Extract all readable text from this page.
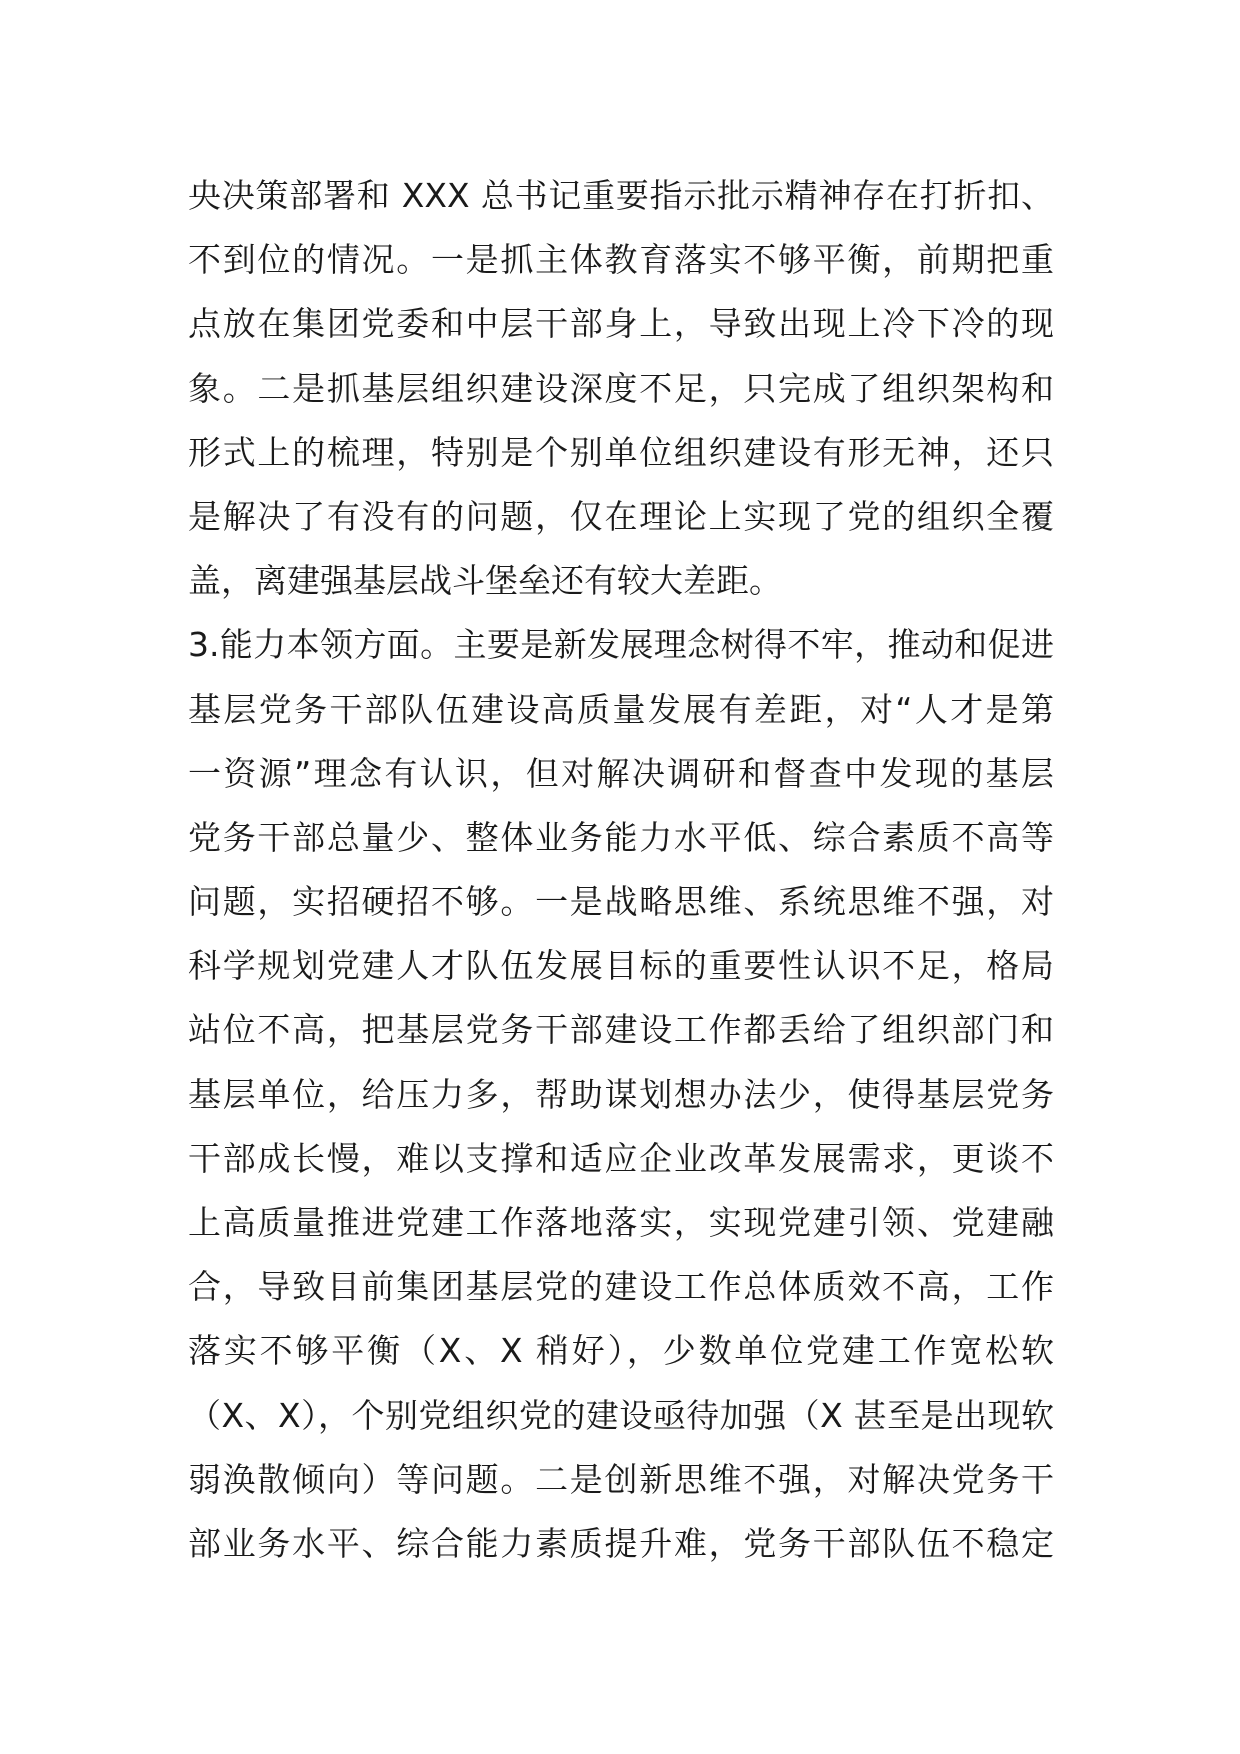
央决策部署和 XXX 总书记重要指示批示精神存在打折扣、
不到位的情况。一是抓主体教育落实不够平衡，前期把重
点放在集团党委和中层干部身上，导致出现上冷下冷的现
象。二是抓基层组织建设深度不足，只完成了组织架构和
形式上的梳理，特别是个别单位组织建设有形无神，还只
是解决了有没有的问题，仅在理论上实现了党的组织全覆
盖，离建强基层战斗堡垒还有较大差距。
3.能力本领方面。主要是新发展理念树得不牢，推动和促进
基层党务干部队伍建设高质量发展有差距，对“人才是第
一资源”理念有认识，但对解决调研和督查中发现的基层
党务干部总量少、整体业务能力水平低、综合素质不高等
问题，实招硬招不够。一是战略思维、系统思维不强，对
科学规划党建人才队伍发展目标的重要性认识不足，格局
站位不高，把基层党务干部建设工作都丢给了组织部门和
基层单位，给压力多，帮助谋划想办法少，使得基层党务
干部成长慢，难以支撑和适应企业改革发展需求，更谈不
上高质量推进党建工作落地落实，实现党建引领、党建融
合，导致目前集团基层党的建设工作总体质效不高，工作
落实不够平衡（X、X 稍好），少数单位党建工作宽松软
（X、X），个别党组织党的建设亟待加强（X 甚至是出现软
弱涣散倾向）等问题。二是创新思维不强，对解决党务干
部业务水平、综合能力素质提升难，党务干部队伍不稳定
